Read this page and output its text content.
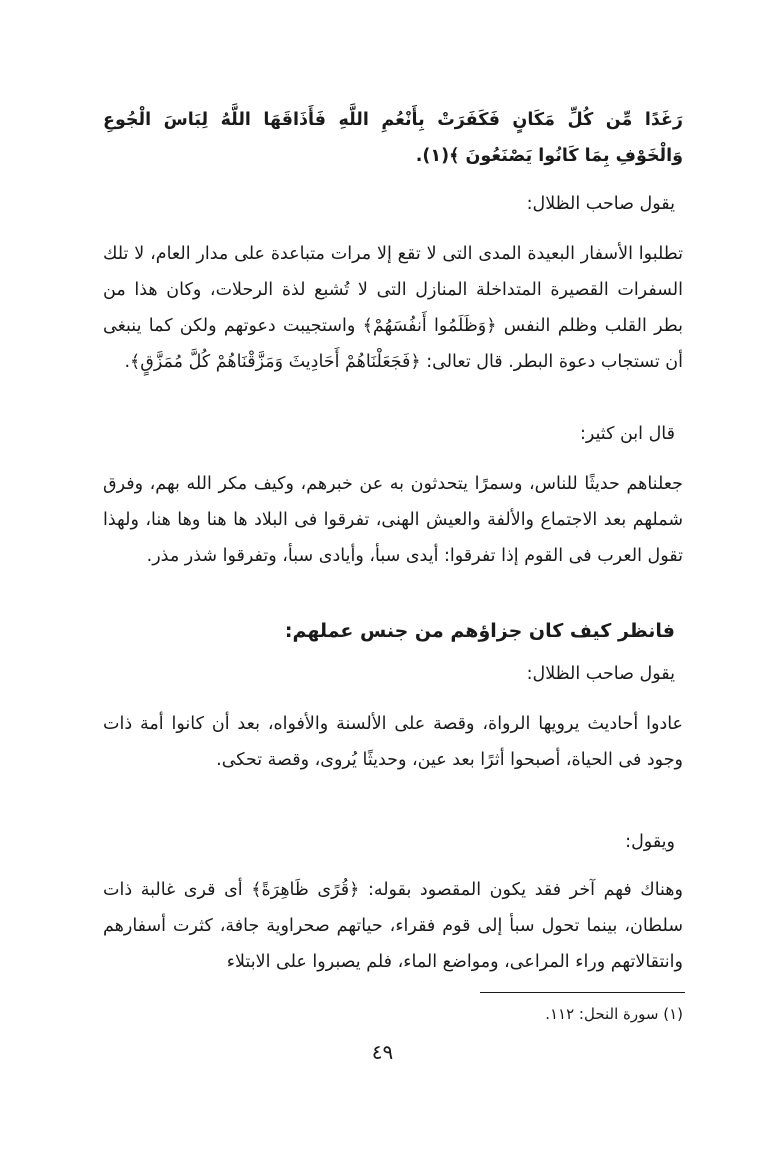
رَغَدًا مِّن كُلِّ مَكَانٍ فَكَفَرَتْ بِأَنْعُمِ اللَّهِ فَأَذَاقَهَا اللَّهُ لِبَاسَ الْجُوعِ وَالْخَوْفِ بِمَا كَانُوا يَصْنَعُونَ ﴾(١).
يقول صاحب الظلال:
تطلبوا الأسفار البعيدة المدى التى لا تقع إلا مرات متباعدة على مدار العام، لا تلك السفرات القصيرة المتداخلة المنازل التى لا تُشبع لذة الرحلات، وكان هذا من بطر القلب وظلم النفس ﴿وَظَلَمُوا أَنفُسَهُمْ﴾ واستجيبت دعوتهم ولكن كما ينبغى أن تستجاب دعوة البطر. قال تعالى: ﴿فَجَعَلْنَاهُمْ أَحَادِيثَ وَمَزَّقْنَاهُمْ كُلَّ مُمَزَّقٍ﴾.
قال ابن كثير:
جعلناهم حديثًا للناس، وسمرًا يتحدثون به عن خبرهم، وكيف مكر الله بهم، وفرق شملهم بعد الاجتماع والألفة والعيش الهنى، تفرقوا فى البلاد ها هنا وها هنا، ولهذا تقول العرب فى القوم إذا تفرقوا: أيدى سبأ، وأيادى سبأ، وتفرقوا شذر مذر.
فانظر كيف كان جزاؤهم من جنس عملهم:
يقول صاحب الظلال:
عادوا أحاديث يرويها الرواة، وقصة على الألسنة والأفواه، بعد أن كانوا أمة ذات وجود فى الحياة، أصبحوا أثرًا بعد عين، وحديثًا يُروى، وقصة تحكى.
ويقول:
وهناك فهم آخر فقد يكون المقصود بقوله: ﴿قُرًى ظَاهِرَةً﴾ أى قرى غالبة ذات سلطان، بينما تحول سبأ إلى قوم فقراء، حياتهم صحراوية جافة، كثرت أسفارهم وانتقالاتهم وراء المراعى، ومواضع الماء، فلم يصبروا على الابتلاء
(١) سورة النحل: ١١٢.
٤٩
